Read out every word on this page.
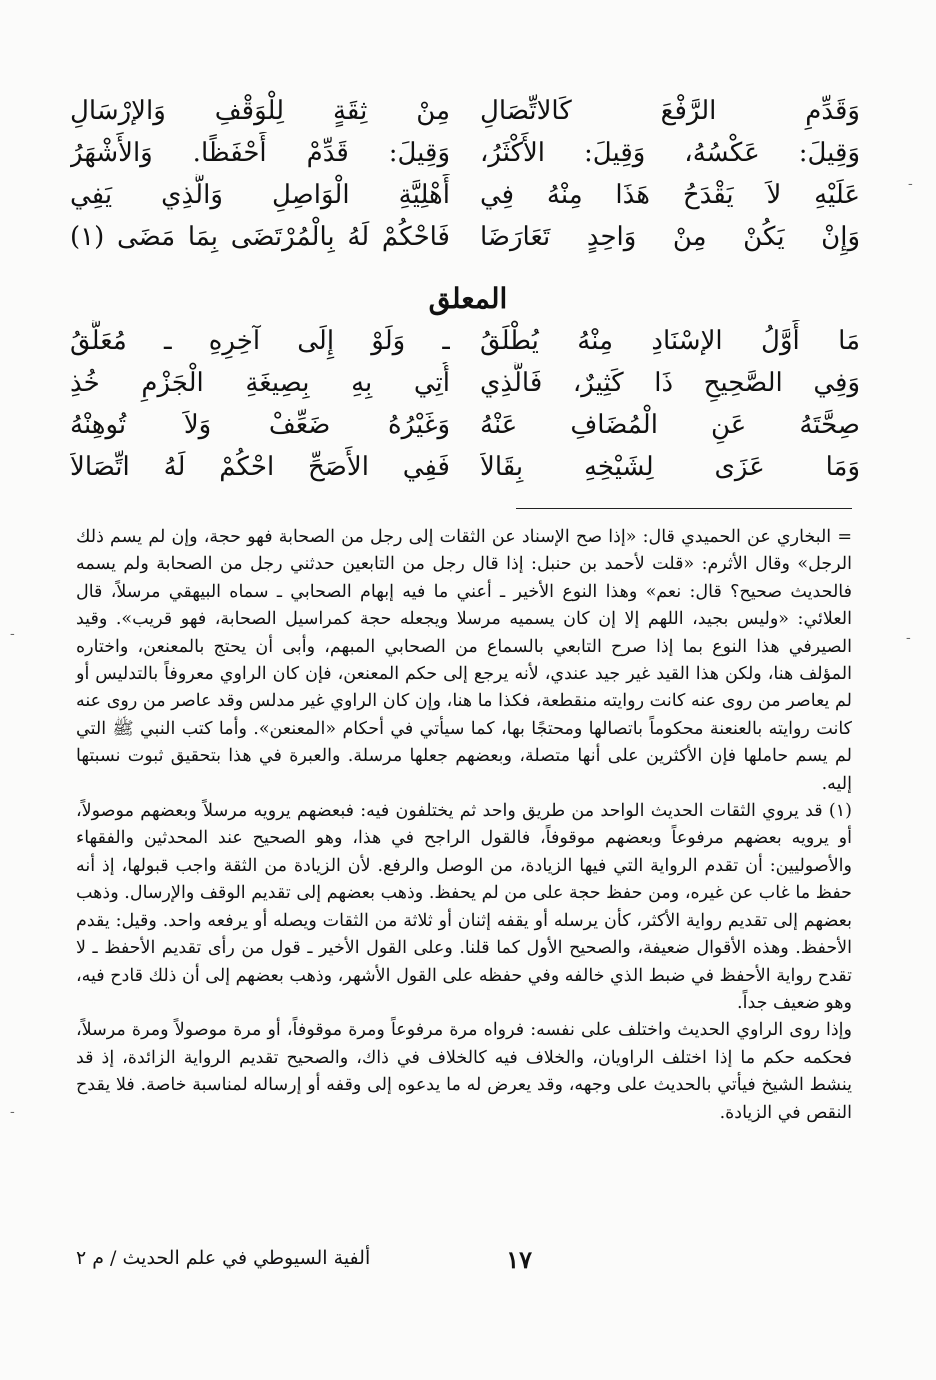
وَقَدِّمِ الرَّفْعَ كَالاتِّصَالِ
مِنْ ثِقَةٍ لِلْوَقْفِ وَالإرْسَالِ
وَقِيلَ: عَكْسُهُ، وَقِيلَ: الأَكْثَرُ،
وَقِيلَ: قَدِّمْ أَحْفَظًا. وَالأَشْهَرُ
عَلَيْهِ لاَ يَقْدَحُ هَذَا مِنْهُ فِي
أَهْلِيَّةِ الْوَاصِلِ وَالَّذِي يَفِي
وَإِنْ يَكُنْ مِنْ وَاحِدٍ تَعَارَضَا
فَاحْكُمْ لَهُ بِالْمُرْتَضَى بِمَا مَضَى (١)
المعلق
مَا أَوَّلُ الإسْنَادِ مِنْهُ يُطْلَقُ
ـ وَلَوْ إِلَى آخِرِهِ ـ مُعَلَّقُ
وَفِي الصَّحِيحِ ذَا كَثِيرٌ، فَالَّذِي
أُتِي بِهِ بِصِيغَةِ الْجَزْمِ خُذِ
صِحَّتَهُ عَنِ الْمُضَافِ عَنْهُ
وَغَيْرُهُ ضَعِّفْ وَلاَ تُوهِنْهُ
وَمَا عَزَى لِشَيْخِهِ بِقَالاَ
فَفِي الأَصَحِّ احْكُمْ لَهُ اتِّصَالاَ

= البخاري عن الحميدي قال: «إذا صح الإسناد عن الثقات إلى رجل من الصحابة فهو حجة، وإن لم يسم ذلك الرجل» وقال الأثرم: «قلت لأحمد بن حنبل: إذا قال رجل من التابعين حدثني رجل من الصحابة ولم يسمه فالحديث صحيح؟ قال: نعم» وهذا النوع الأخير ـ أعني ما فيه إبهام الصحابي ـ سماه البيهقي مرسلاً، قال العلائي: «وليس بجيد، اللهم إلا إن كان يسميه مرسلا ويجعله حجة كمراسيل الصحابة، فهو قريب». وقيد الصيرفي هذا النوع بما إذا صرح التابعي بالسماع من الصحابي المبهم، وأبى أن يحتج بالمعنعن، واختاره المؤلف هنا، ولكن هذا القيد غير جيد عندي، لأنه يرجع إلى حكم المعنعن، فإن كان الراوي معروفاً بالتدليس أو لم يعاصر من روى عنه كانت روايته منقطعة، فكذا ما هنا، وإن كان الراوي غير مدلس وقد عاصر من روى عنه كانت روايته بالعنعنة محكوماً باتصالها ومحتجًا بها، كما سيأتي في أحكام «المعنعن». وأما كتب النبي ﷺ التي لم يسم حاملها فإن الأكثرين على أنها متصلة، وبعضهم جعلها مرسلة. والعبرة في هذا بتحقيق ثبوت نسبتها إليه.

(١) قد يروي الثقات الحديث الواحد من طريق واحد ثم يختلفون فيه: فبعضهم يرويه مرسلاً وبعضهم موصولاً، أو يرويه بعضهم مرفوعاً وبعضهم موقوفاً، فالقول الراجح في هذا، وهو الصحيح عند المحدثين والفقهاء والأصوليين: أن تقدم الرواية التي فيها الزيادة، من الوصل والرفع. لأن الزيادة من الثقة واجب قبولها، إذ أنه حفظ ما غاب عن غيره، ومن حفظ حجة على من لم يحفظ. وذهب بعضهم إلى تقديم الوقف والإرسال. وذهب بعضهم إلى تقديم رواية الأكثر، كأن يرسله أو يقفه إثنان أو ثلاثة من الثقات ويصله أو يرفعه واحد. وقيل: يقدم الأحفظ. وهذه الأقوال ضعيفة، والصحيح الأول كما قلنا. وعلى القول الأخير ـ قول من رأى تقديم الأحفظ ـ لا تقدح رواية الأحفظ في ضبط الذي خالفه وفي حفظه على القول الأشهر، وذهب بعضهم إلى أن ذلك قادح فيه، وهو ضعيف جداً.

وإذا روى الراوي الحديث واختلف على نفسه: فرواه مرة مرفوعاً ومرة موقوفاً، أو مرة موصولاً ومرة مرسلاً، فحكمه حكم ما إذا اختلف الراويان، والخلاف فيه كالخلاف في ذاك، والصحيح تقديم الرواية الزائدة، إذ قد ينشط الشيخ فيأتي بالحديث على وجهه، وقد يعرض له ما يدعوه إلى وقفه أو إرساله لمناسبة خاصة. فلا يقدح النقص في الزيادة.

١٧
ألفية السيوطي في علم الحديث / م ٢
-
-
-
-
